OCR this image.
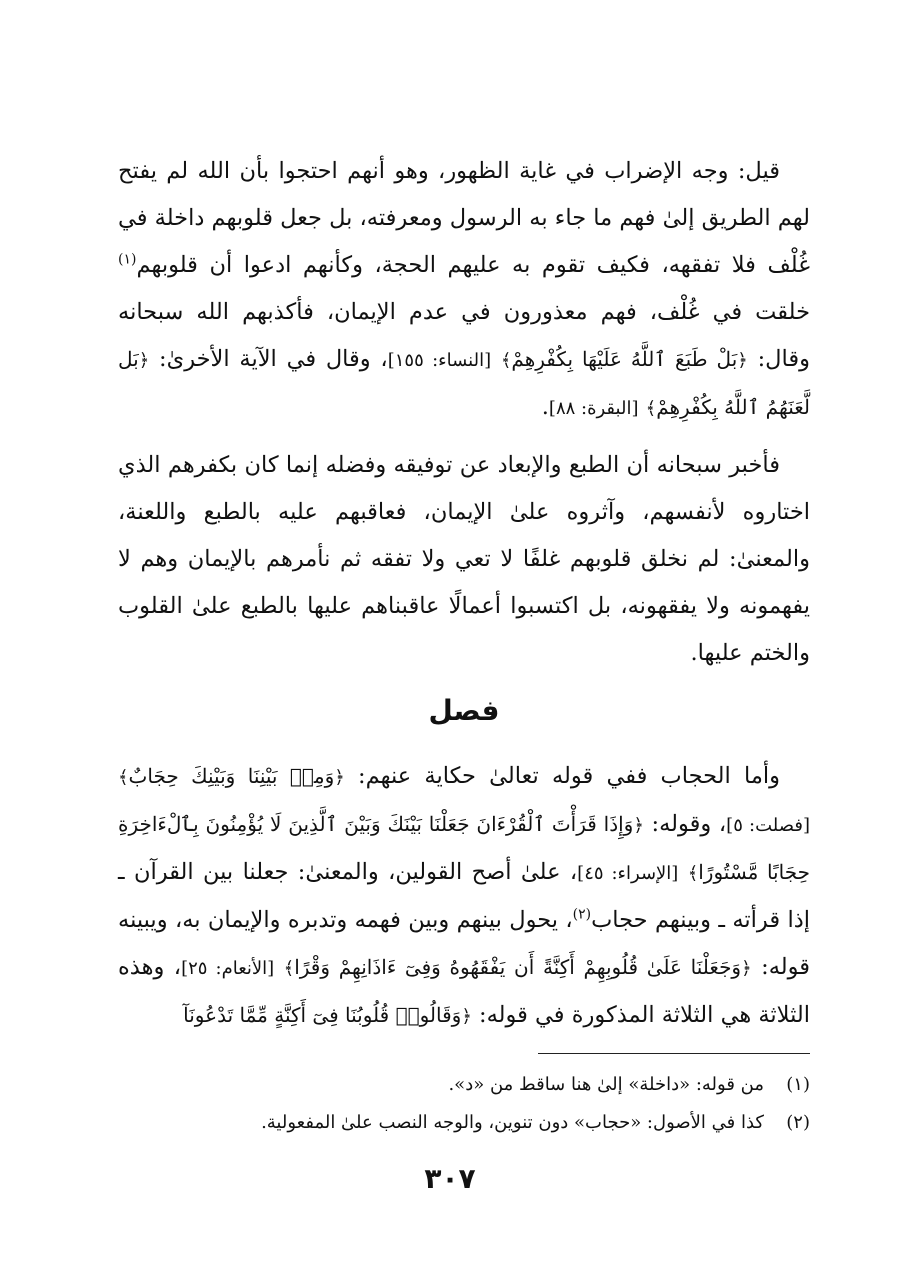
قيل: وجه الإضراب في غاية الظهور، وهو أنهم احتجوا بأن الله لم يفتح لهم الطريق إلىٰ فهم ما جاء به الرسول ومعرفته، بل جعل قلوبهم داخلة في غُلْف فلا تفقهه، فكيف تقوم به عليهم الحجة، وكأنهم ادعوا أن قلوبهم$^{(١)}$ خلقت في غُلْف، فهم معذورون في عدم الإيمان، فأكذبهم الله سبحانه وقال: ﴿بَلْ طَبَعَ ٱللَّهُ عَلَيْهَا بِكُفْرِهِمْ﴾ [النساء: ١٥٥]، وقال في الآية الأخرىٰ: ﴿بَل لَّعَنَهُمُ ٱللَّهُ بِكُفْرِهِمْ﴾ [البقرة: ٨٨].

فأخبر سبحانه أن الطبع والإبعاد عن توفيقه وفضله إنما كان بكفرهم الذي اختاروه لأنفسهم، وآثروه علىٰ الإيمان، فعاقبهم عليه بالطبع واللعنة، والمعنىٰ: لم نخلق قلوبهم غلفًا لا تعي ولا تفقه ثم نأمرهم بالإيمان وهم لا يفهمونه ولا يفقهونه، بل اكتسبوا أعمالًا عاقبناهم عليها بالطبع علىٰ القلوب والختم عليها.

فصل

وأما الحجاب ففي قوله تعالىٰ حكاية عنهم: ﴿وَمِنۢ بَيْنِنَا وَبَيْنِكَ حِجَابٌ﴾ [فصلت: ٥]، وقوله: ﴿وَإِذَا قَرَأْتَ ٱلْقُرْءَانَ جَعَلْنَا بَيْنَكَ وَبَيْنَ ٱلَّذِينَ لَا يُؤْمِنُونَ بِٱلْءَاخِرَةِ حِجَابًا مَّسْتُورًا﴾ [الإسراء: ٤٥]، علىٰ أصح القولين، والمعنىٰ: جعلنا بين القرآن ـ إذا قرأته ـ وبينهم حجاب$^{(٢)}$، يحول بينهم وبين فهمه وتدبره والإيمان به، ويبينه قوله: ﴿وَجَعَلْنَا عَلَىٰ قُلُوبِهِمْ أَكِنَّةً أَن يَفْقَهُوهُ وَفِىٓ ءَاذَانِهِمْ وَقْرًا﴾ [الأنعام: ٢٥]، وهذه الثلاثة هي الثلاثة المذكورة في قوله: ﴿وَقَالُوا۟ قُلُوبُنَا فِىٓ أَكِنَّةٍ مِّمَّا تَدْعُونَآ

(١)
من قوله: «داخلة» إلىٰ هنا ساقط من «د».
(٢)
كذا في الأصول: «حجاب» دون تنوين، والوجه النصب علىٰ المفعولية.
٣٠٧
